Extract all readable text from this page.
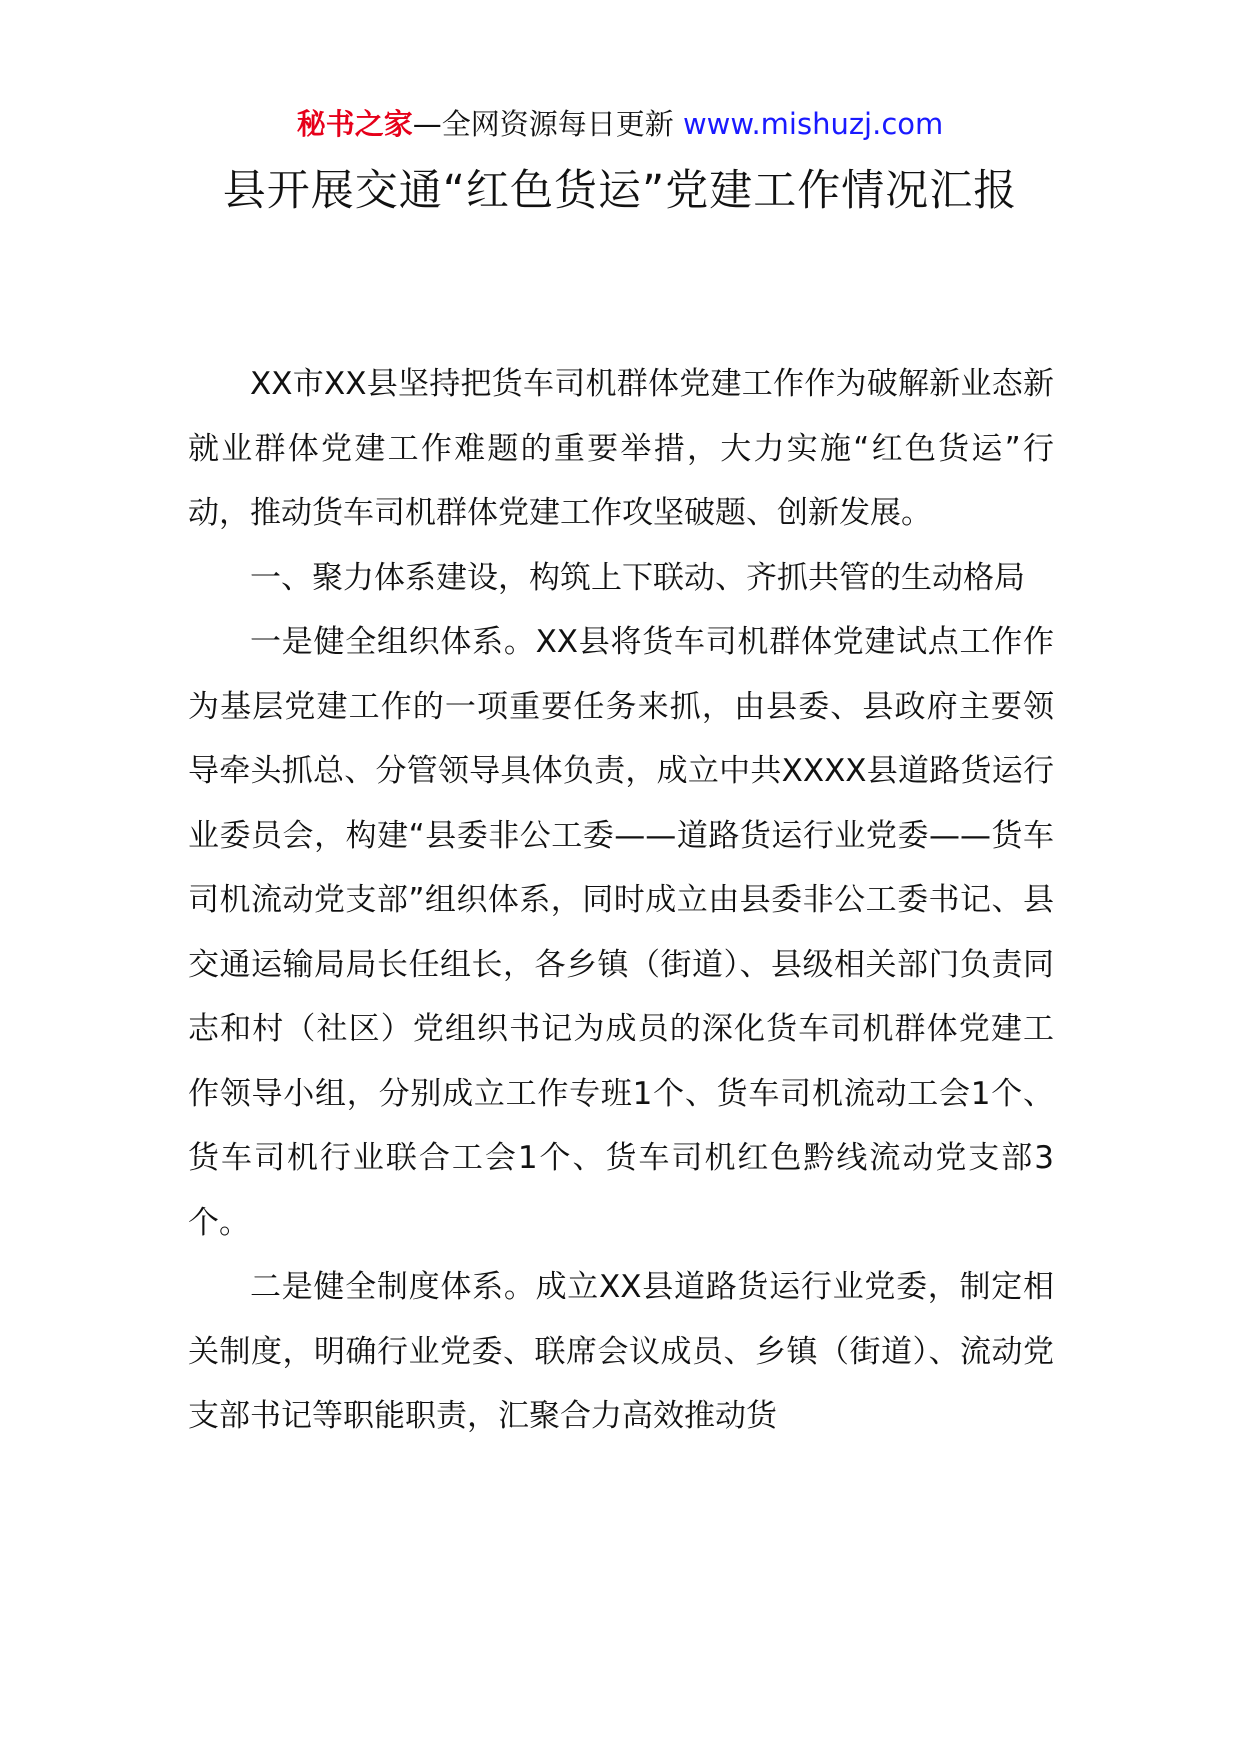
秘书之家—全网资源每日更新 www.mishuzj.com
县开展交通“红色货运”党建工作情况汇报

XX市XX县坚持把货车司机群体党建工作作为破解新业态新就业群体党建工作难题的重要举措，大力实施“红色货运”行动，推动货车司机群体党建工作攻坚破题、创新发展。

一、聚力体系建设，构筑上下联动、齐抓共管的生动格局

一是健全组织体系。XX县将货车司机群体党建试点工作作为基层党建工作的一项重要任务来抓，由县委、县政府主要领导牵头抓总、分管领导具体负责，成立中共XXXX县道路货运行业委员会，构建“县委非公工委——道路货运行业党委——货车司机流动党支部”组织体系，同时成立由县委非公工委书记、县交通运输局局长任组长，各乡镇（街道）、县级相关部门负责同志和村（社区）党组织书记为成员的深化货车司机群体党建工作领导小组，分别成立工作专班1个、货车司机流动工会1个、货车司机行业联合工会1个、货车司机红色黔线流动党支部3个。

二是健全制度体系。成立XX县道路货运行业党委，制定相关制度，明确行业党委、联席会议成员、乡镇（街道）、流动党支部书记等职能职责，汇聚合力高效推动货
